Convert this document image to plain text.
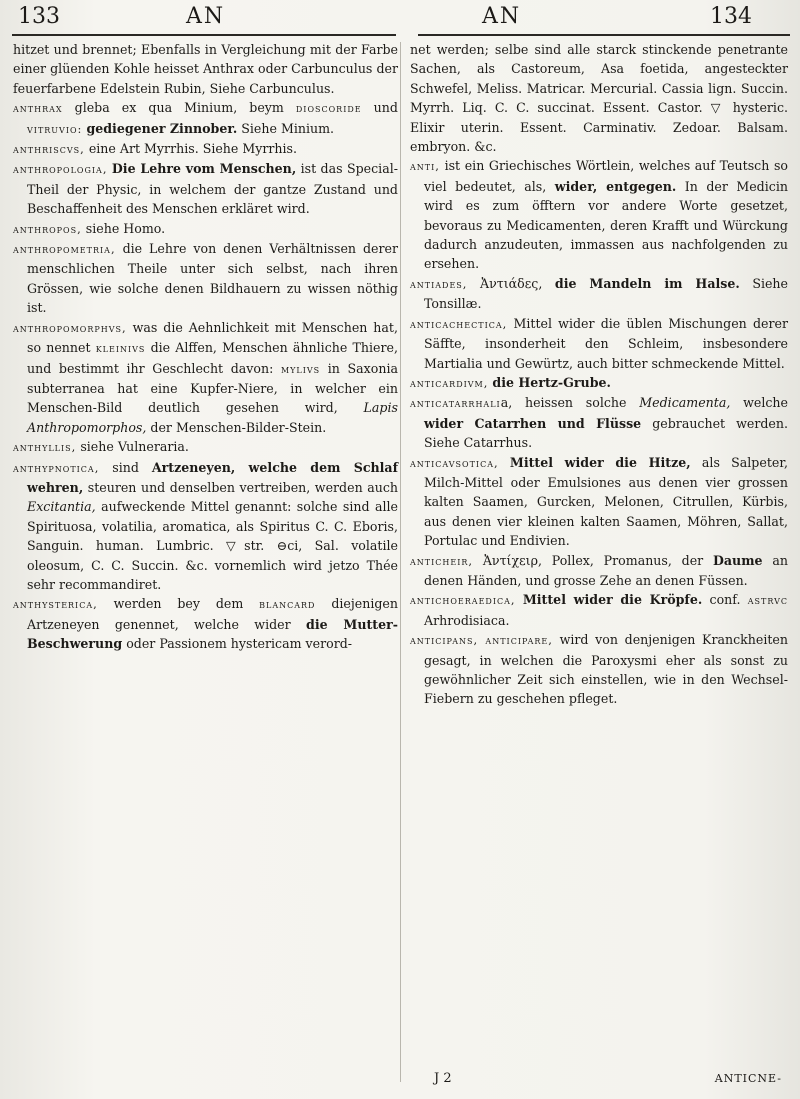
133	AN	AN	134

hitzet und brennet; Ebenfalls in Vergleichung mit der Farbe einer glüenden Kohle heisset Anthrax oder Carbunculus der feuerfarbene Edelstein Rubin, Siehe Carbunculus.

anthrax gleba ex qua Minium, beym dioscoride und vitruvio: gediegener Zinnober. Siehe Minium.

anthriscvs, eine Art Myrrhis. Siehe Myrrhis.

anthropologia, Die Lehre vom Menschen, ist das Special-Theil der Physic, in welchem der gantze Zustand und Beschaffenheit des Menschen erkläret wird.

anthropos, siehe Homo.

anthropometria, die Lehre von denen Verhältnissen derer menschlichen Theile unter sich selbst, nach ihren Grössen, wie solche denen Bildhauern zu wissen nöthig ist.

anthropomorphvs, was die Aehnlichkeit mit Menschen hat, so nennet kleinivs die Alffen, Menschen ähnliche Thiere, und bestimmt ihr Geschlecht davon: mylivs in Saxonia subterranea hat eine Kupfer-Niere, in welcher ein Menschen-Bild deutlich gesehen wird, Lapis Anthropomorphos, der Menschen-Bilder-Stein.

anthyllis, siehe Vulneraria.

anthypnotica, sind Artzeneyen, welche dem Schlaf wehren, steuren und denselben vertreiben, werden auch Excitantia, aufweckende Mittel genannt: solche sind alle Spirituosa, volatilia, aromatica, als Spiritus C. C. Eboris, Sanguin. human. Lumbric. ▽str. ⊖ci, Sal. volatile oleosum, C. C. Succin. &c. vornemlich wird jetzo Thée sehr recommandiret.

anthysterica, werden bey dem blancard diejenigen Artzeneyen genennet, welche wider die Mutter-Beschwerung oder Passionem hystericam verord-

net werden; selbe sind alle starck stinckende penetrante Sachen, als Castoreum, Asa foetida, angesteckter Schwefel, Meliss. Matricar. Mercurial. Cassia lign. Succin. Myrrh. Liq. C. C. succinat. Essent. Castor. ▽ hysteric. Elixir uterin. Essent. Carminativ. Zedoar. Balsam. embryon. &c.

anti, ist ein Griechisches Wörtlein, welches auf Teutsch so viel bedeutet, als, wider, entgegen. In der Medicin wird es zum öfftern vor andere Worte gesetzet, bevoraus zu Medicamenten, deren Krafft und Würckung dadurch anzudeuten, immassen aus nachfolgenden zu ersehen.

antiades, Ἀντιάδες, die Mandeln im Halse. Siehe Tonsillæ.

anticachectica, Mittel wider die üblen Mischungen derer Säffte, insonderheit den Schleim, insbesondere Martialia und Gewürtz, auch bitter schmeckende Mittel.

anticardivm, die Hertz-Grube.

anticatarrhalia, heissen solche Medicamenta, welche wider Catarrhen und Flüsse gebrauchet werden. Siehe Catarrhus.

anticavsotica, Mittel wider die Hitze, als Salpeter, Milch-Mittel oder Emulsiones aus denen vier grossen kalten Saamen, Gurcken, Melonen, Citrullen, Kürbis, aus denen vier kleinen kalten Saamen, Möhren, Sallat, Portulac und Endivien.

anticheir, Ἀντίχειρ, Pollex, Promanus, der Daume an denen Händen, und grosse Zehe an denen Füssen.

antichoeraedica, Mittel wider die Kröpfe. conf. astrvc Arhrodisiaca.

anticipans, anticipare, wird von denjenigen Kranckheiten gesagt, in welchen die Paroxysmi eher als sonst zu gewöhnlicher Zeit sich einstellen, wie in den Wechsel-Fiebern zu geschehen pfleget.

J 2	ANTICNE-
